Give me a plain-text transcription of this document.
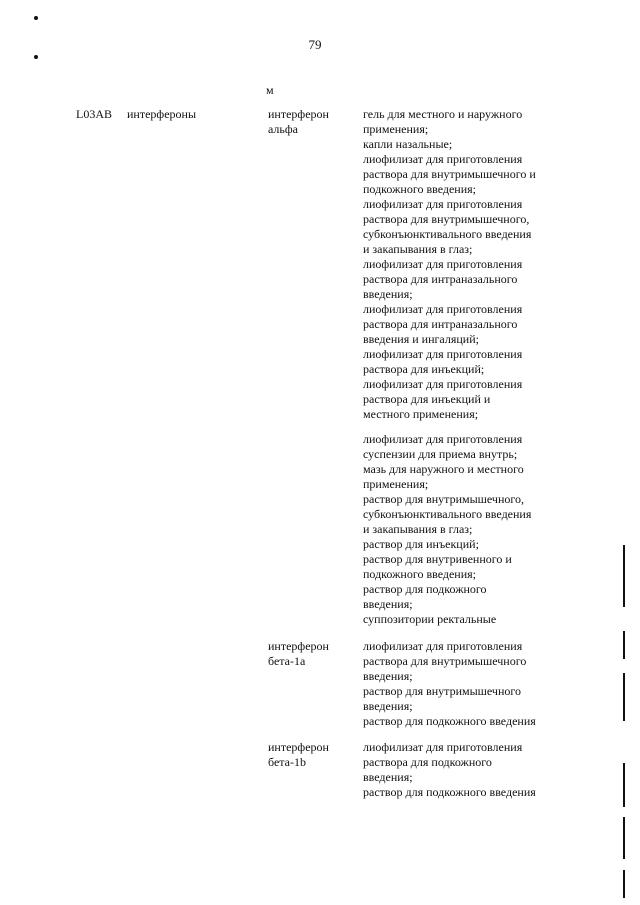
79
м
L03AB интерфероны	интерферон
альфа
гель для местного и наружного
применения;
капли назальные;
лиофилизат для приготовления
раствора для внутримышечного и
подкожного введения;
лиофилизат для приготовления
раствора для внутримышечного,
субконъюнктивального введения
и закапывания в глаз;
лиофилизат для приготовления
раствора для интраназального
введения;
лиофилизат для приготовления
раствора для интраназального
введения и ингаляций;
лиофилизат для приготовления
раствора для инъекций;
лиофилизат для приготовления
раствора для инъекций и
местного применения;
лиофилизат для приготовления
суспензии для приема внутрь;
мазь для наружного и местного
применения;
раствор для внутримышечного,
субконъюнктивального введения
и закапывания в глаз;
раствор для инъекций;
раствор для внутривенного и
подкожного введения;
раствор для подкожного
введения;
суппозитории ректальные
интерферон
бета-1а
лиофилизат для приготовления
раствора для внутримышечного
введения;
раствор для внутримышечного
введения;
раствор для подкожного введения
интерферон
бета-1b
лиофилизат для приготовления
раствора для подкожного
введения;
раствор для подкожного введения
